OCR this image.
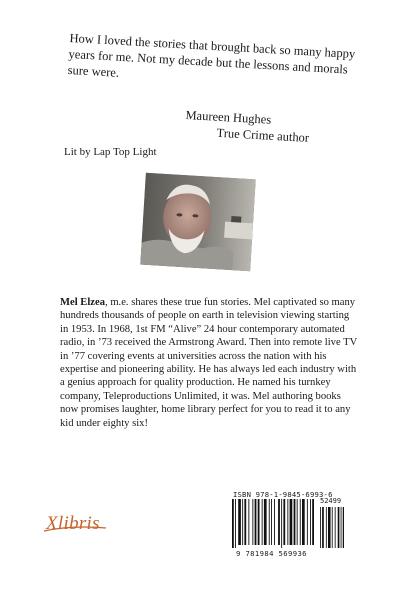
How I loved the stories that brought back so many happy years for me. Not my decade but the lessons and morals sure were.

Maureen Hughes
True Crime author
Lit by Lap Top Light

Mel Elzea, m.e. shares these true fun stories. Mel captivated so many hundreds thousands of people on earth in television viewing starting in 1953. In 1968, 1st FM “Alive” 24 hour contemporary automated radio, in ’73 received the Armstrong Award. Then into remote live TV in ’77 covering events at universities across the nation with his expertise and pioneering ability. He has always led each industry with a genius approach for quality production. He named his turnkey company, Teleproductions Unlimited, it was. Mel authoring books now promises laughter, home library perfect for you to read it to any kid under eighty six!

Xlibris
ISBN 978-1-9845-6993-6
52499
9 781984 569936
